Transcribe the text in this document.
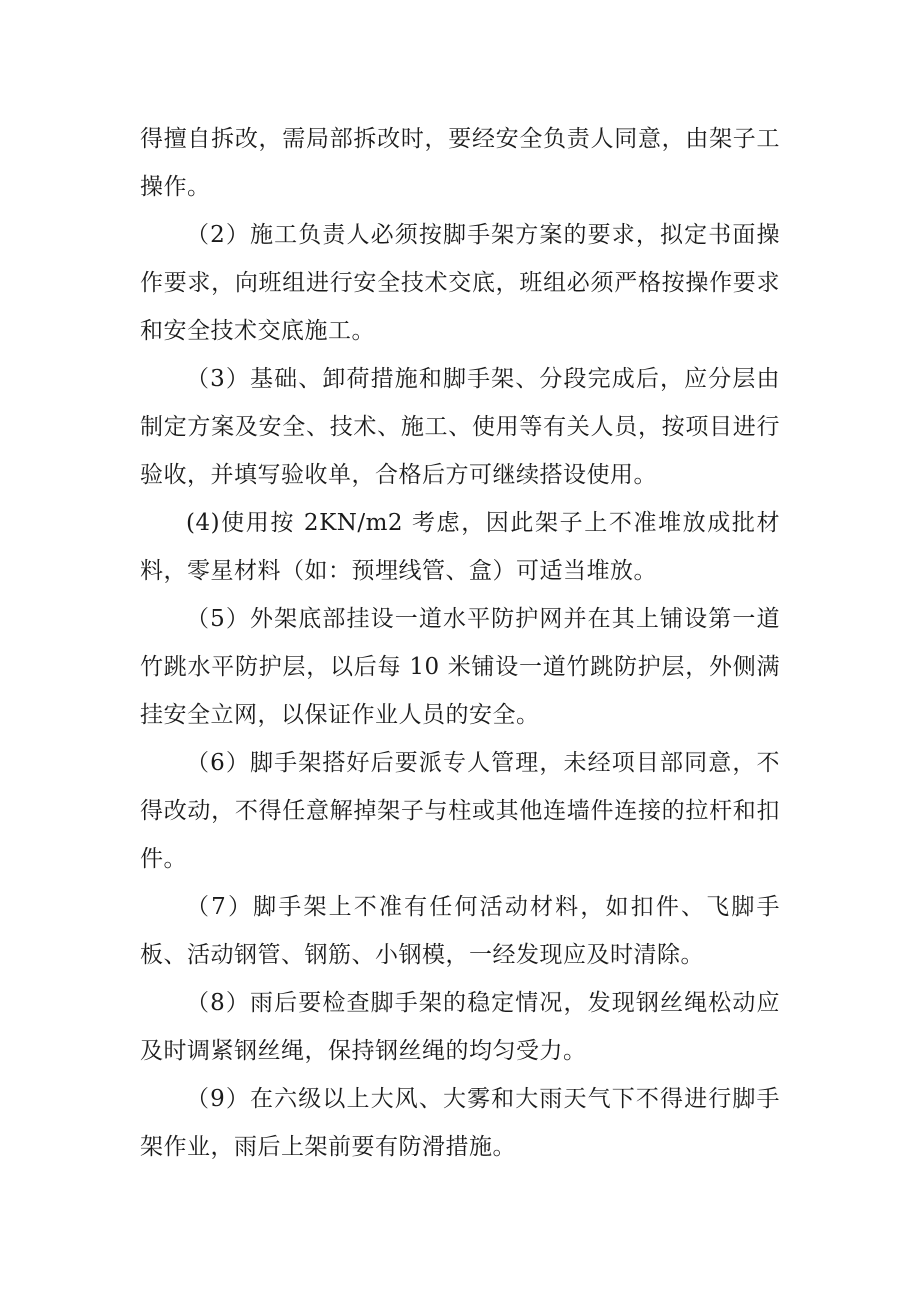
得擅自拆改，需局部拆改时，要经安全负责人同意，由架子工操作。

（2）施工负责人必须按脚手架方案的要求，拟定书面操作要求，向班组进行安全技术交底，班组必须严格按操作要求和安全技术交底施工。

（3）基础、卸荷措施和脚手架、分段完成后，应分层由制定方案及安全、技术、施工、使用等有关人员，按项目进行验收，并填写验收单，合格后方可继续搭设使用。

(4)使用按 2KN/m2 考虑，因此架子上不准堆放成批材料，零星材料（如：预埋线管、盒）可适当堆放。

（5）外架底部挂设一道水平防护网并在其上铺设第一道竹跳水平防护层，以后每 10 米铺设一道竹跳防护层，外侧满挂安全立网，以保证作业人员的安全。

（6）脚手架搭好后要派专人管理，未经项目部同意，不得改动，不得任意解掉架子与柱或其他连墙件连接的拉杆和扣件。

（7）脚手架上不准有任何活动材料，如扣件、飞脚手板、活动钢管、钢筋、小钢模，一经发现应及时清除。

（8）雨后要检查脚手架的稳定情况，发现钢丝绳松动应及时调紧钢丝绳，保持钢丝绳的均匀受力。

（9）在六级以上大风、大雾和大雨天气下不得进行脚手架作业，雨后上架前要有防滑措施。
